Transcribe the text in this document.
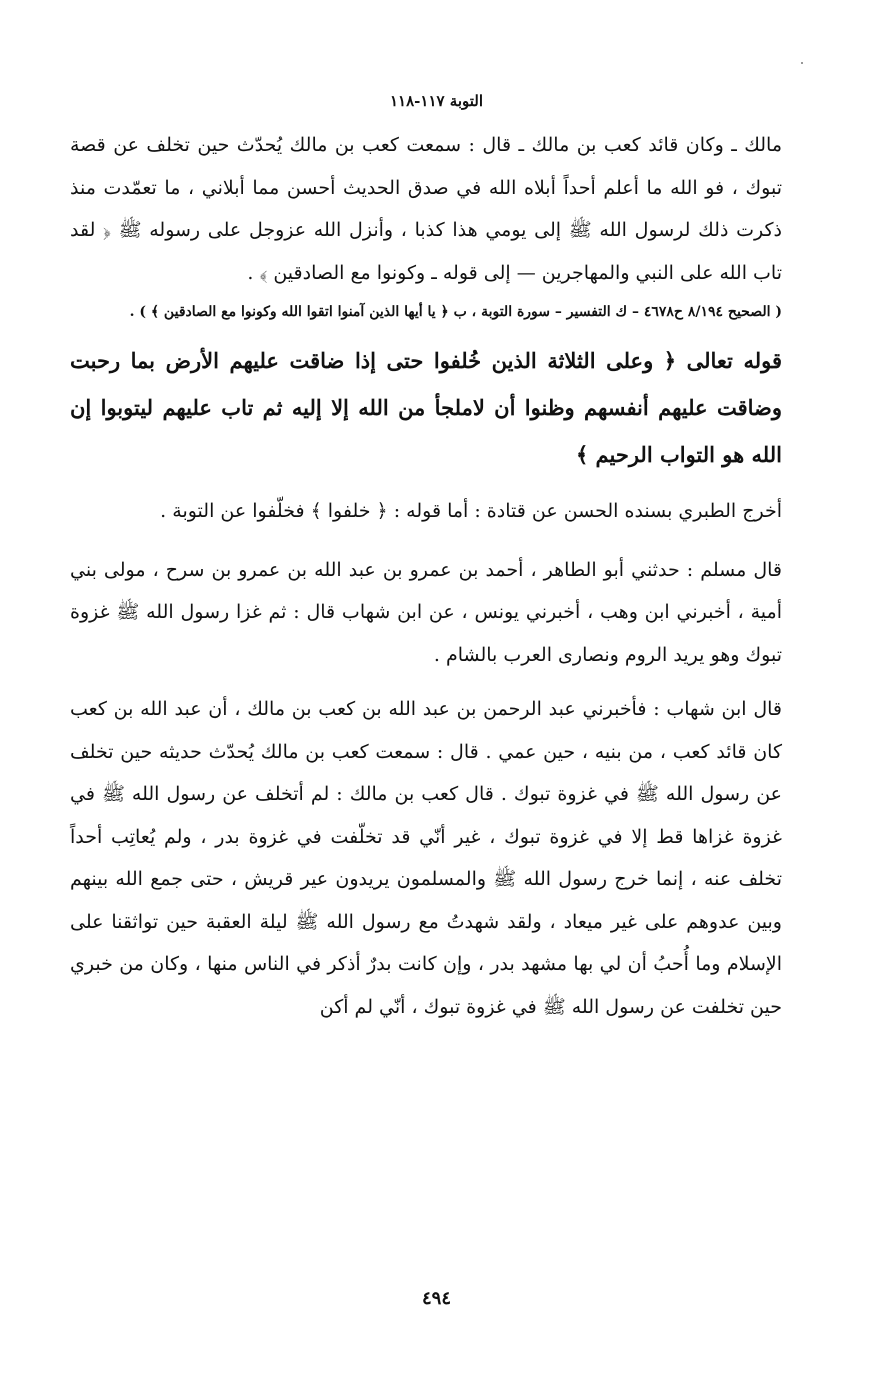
التوبة ١١٧-١١٨

مالك ـ وكان قائد كعب بن مالك ـ قال : سمعت كعب بن مالك يُحدّث حين تخلف عن قصة تبوك ، فو الله ما أعلم أحداً أبلاه الله في صدق الحديث أحسن مما أبلاني ، ما تعمّدت منذ ذكرت ذلك لرسول الله ﷺ إلى يومي هذا كذبا ، وأنزل الله عزوجل على رسوله ﷺ ﴿ لقد تاب الله على النبي والمهاجرين — إلى قوله ـ وكونوا مع الصادقين ﴾ .

( الصحيح ٨/١٩٤ ح٤٦٧٨ – ك التفسير – سورة التوبة ، ب ﴿ يا أيها الذين آمنوا اتقوا الله وكونوا مع الصادقين ﴾ ) .

قوله تعالى ﴿ وعلى الثلاثة الذين خُلفوا حتى إذا ضاقت عليهم الأرض بما رحبت وضاقت عليهم أنفسهم وظنوا أن لاملجأ من الله إلا إليه ثم تاب عليهم ليتوبوا إن الله هو التواب الرحيم ﴾

أخرج الطبري بسنده الحسن عن قتادة : أما قوله : ﴿ خلفوا ﴾ فخلّفوا عن التوبة .

قال مسلم : حدثني أبو الطاهر ، أحمد بن عمرو بن عبد الله بن عمرو بن سرح ، مولى بني أمية ، أخبرني ابن وهب ، أخبرني يونس ، عن ابن شهاب قال : ثم غزا رسول الله ﷺ غزوة تبوك وهو يريد الروم ونصارى العرب بالشام .

قال ابن شهاب : فأخبرني عبد الرحمن بن عبد الله بن كعب بن مالك ، أن عبد الله بن كعب كان قائد كعب ، من بنيه ، حين عمي . قال : سمعت كعب بن مالك يُحدّث حديثه حين تخلف عن رسول الله ﷺ في غزوة تبوك . قال كعب بن مالك : لم أتخلف عن رسول الله ﷺ في غزوة غزاها قط إلا في غزوة تبوك ، غير أنّي قد تخلّفت في غزوة بدر ، ولم يُعاتِب أحداً تخلف عنه ، إنما خرج رسول الله ﷺ والمسلمون يريدون عير قريش ، حتى جمع الله بينهم وبين عدوهم على غير ميعاد ، ولقد شهدتُ مع رسول الله ﷺ ليلة العقبة حين تواثقنا على الإسلام وما أُحبُ أن لي بها مشهد بدر ، وإن كانت بدرٌ أذكر في الناس منها ، وكان من خبري حين تخلفت عن رسول الله ﷺ في غزوة تبوك ، أنّي لم أكن

٤٩٤
